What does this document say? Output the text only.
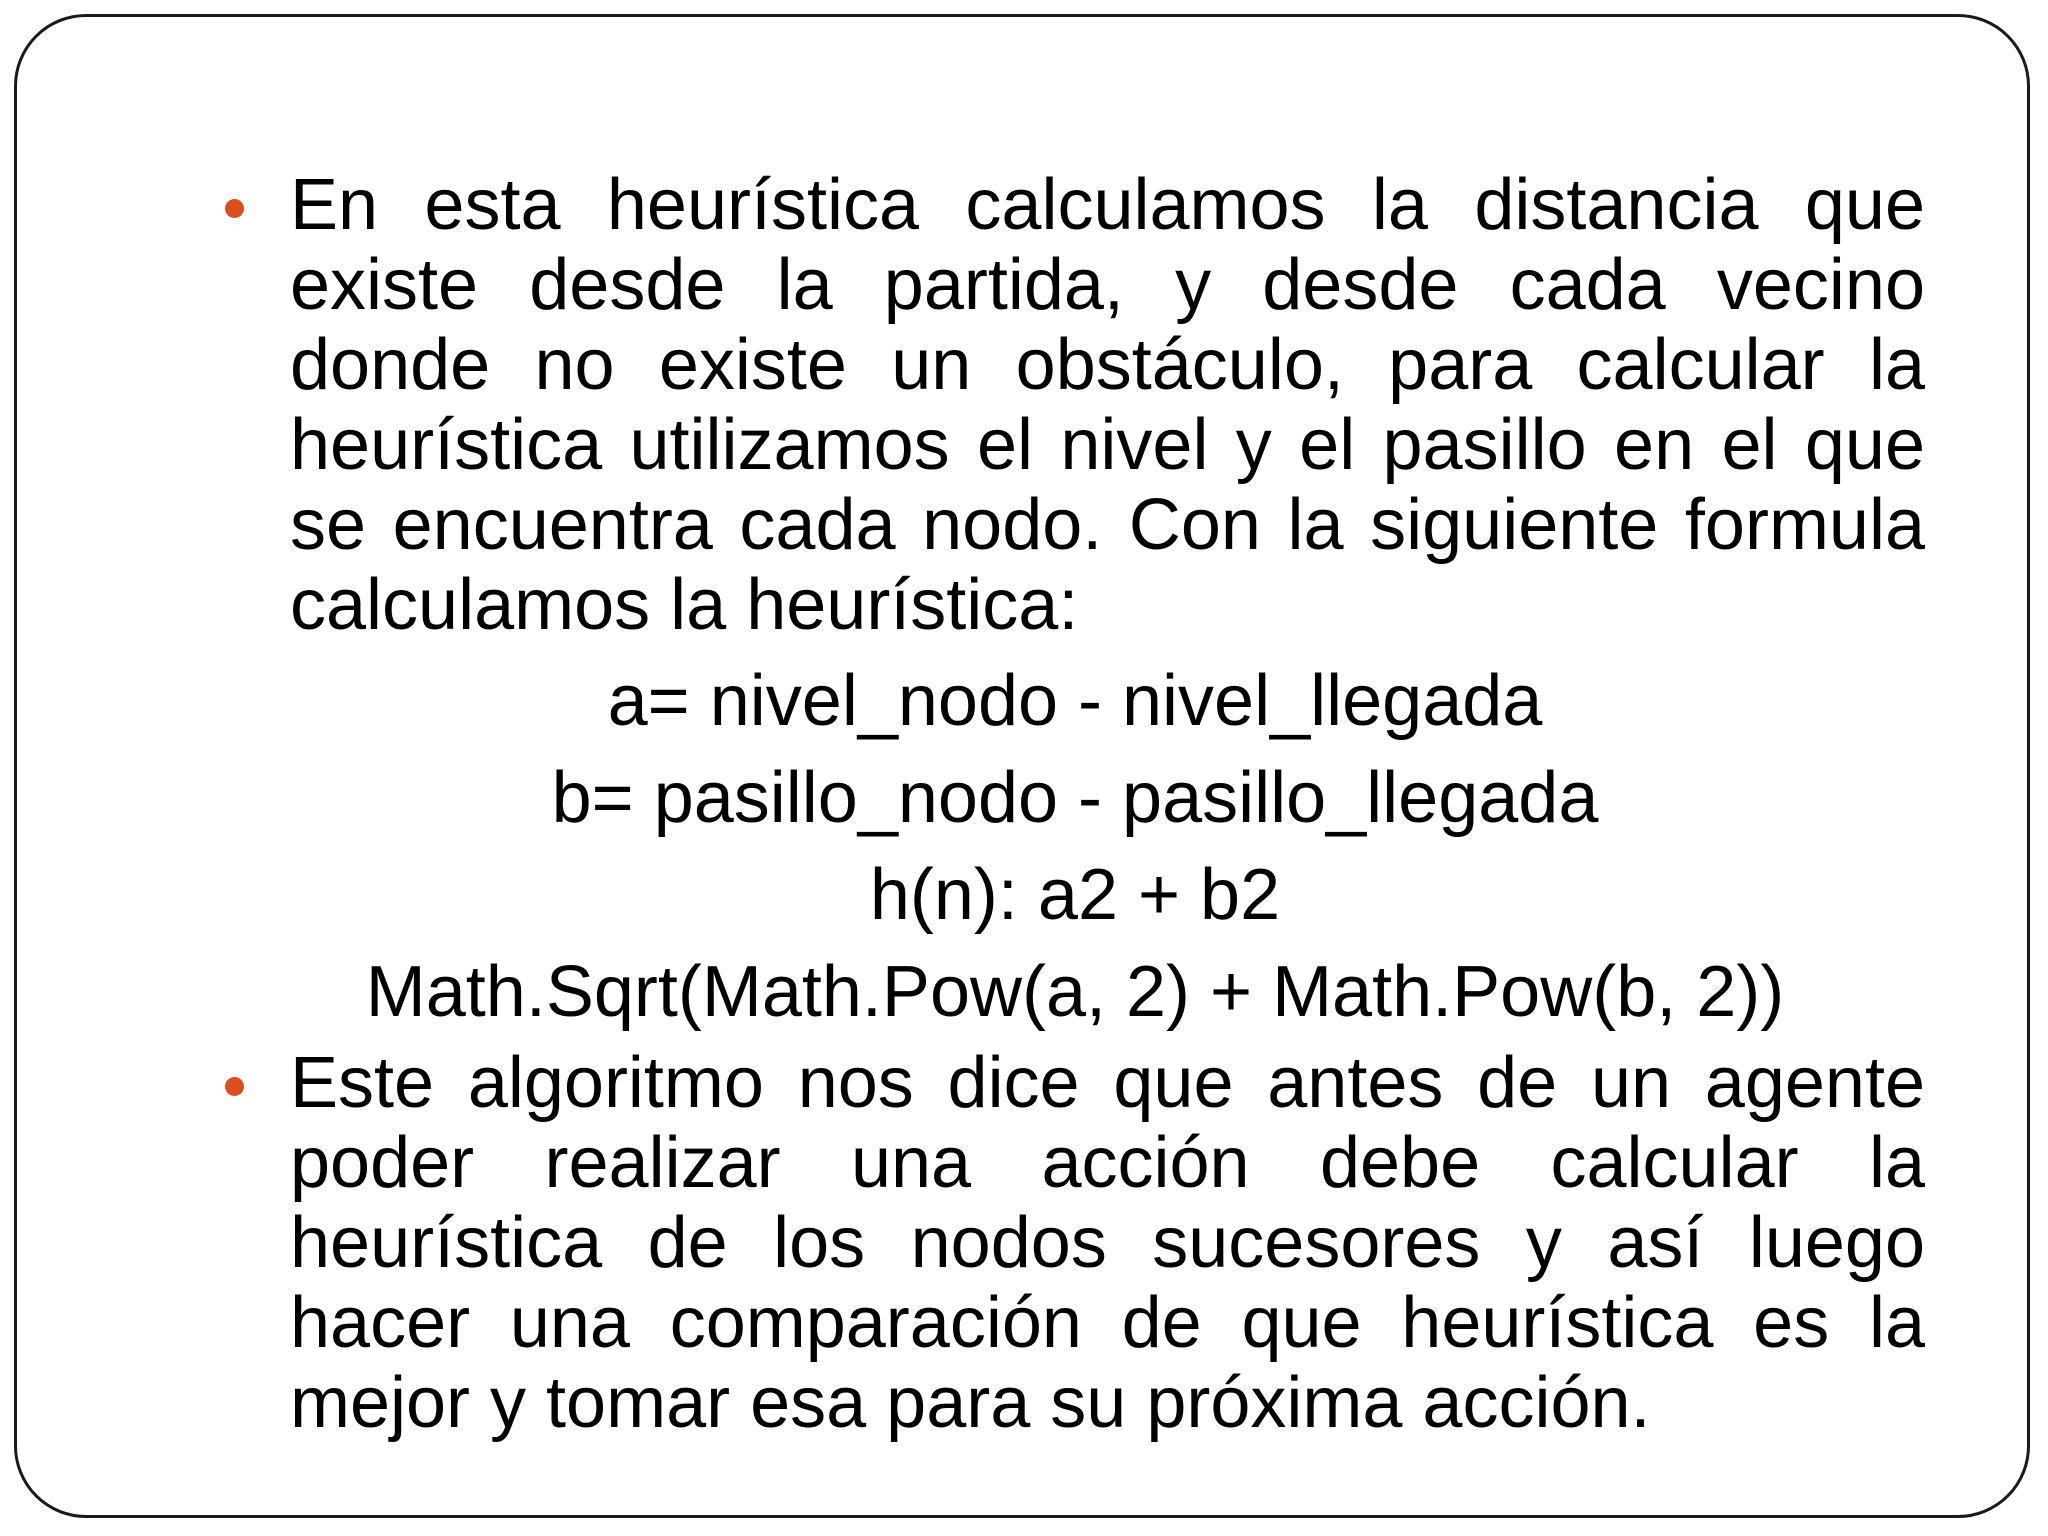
En esta heurística calculamos la distancia que existe desde la partida, y desde cada vecino donde no existe un obstáculo, para calcular la heurística utilizamos el nivel y el pasillo en el que se encuentra cada nodo. Con la siguiente formula calculamos la heurística:

a= nivel_nodo - nivel_llegada

b= pasillo_nodo - pasillo_llegada

h(n): a2 + b2

Math.Sqrt(Math.Pow(a, 2) + Math.Pow(b, 2))

Este algoritmo nos dice que antes de un agente poder realizar una acción debe calcular la heurística de los nodos sucesores y así luego hacer una comparación de que heurística es la mejor y tomar esa para su próxima acción.
